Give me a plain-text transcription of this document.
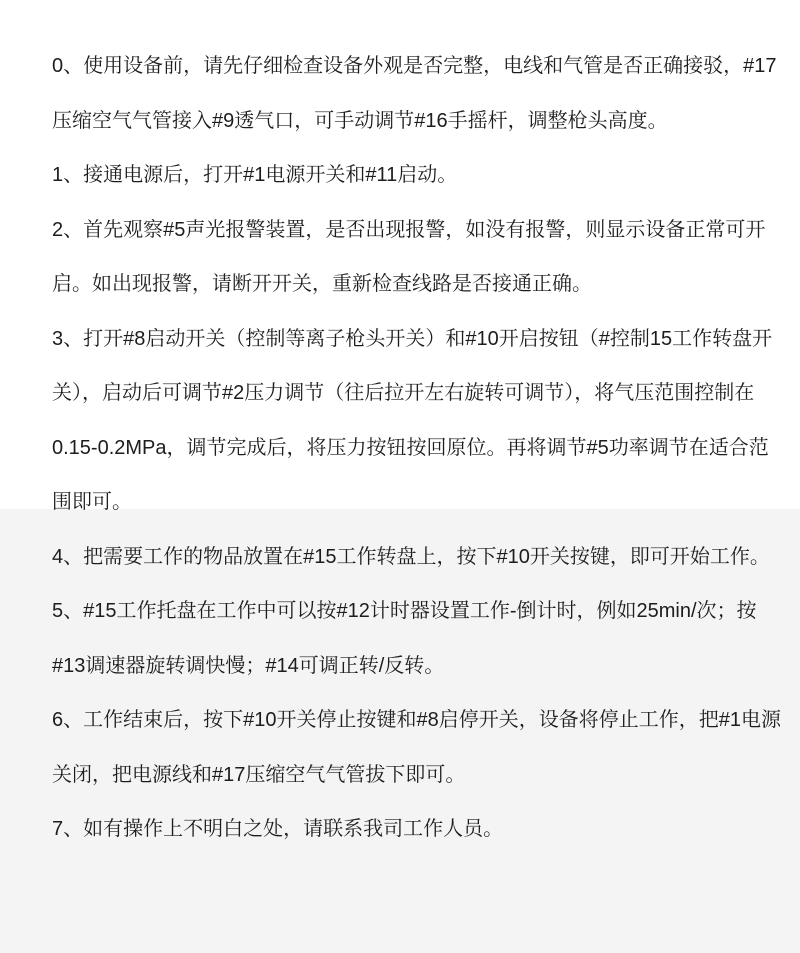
0、使用设备前，请先仔细检查设备外观是否完整，电线和气管是否正确接驳，#17
压缩空气气管接入#9透气口，可手动调节#16手摇杆，调整枪头高度。
1、接通电源后，打开#1电源开关和#11启动。
2、首先观察#5声光报警装置，是否出现报警，如没有报警，则显示设备正常可开
启。如出现报警，请断开开关，重新检查线路是否接通正确。
3、打开#8启动开关（控制等离子枪头开关）和#10开启按钮（#控制15工作转盘开
关），启动后可调节#2压力调节（往后拉开左右旋转可调节），将气压范围控制在
0.15-0.2MPa，调节完成后，将压力按钮按回原位。再将调节#5功率调节在适合范
围即可。
4、把需要工作的物品放置在#15工作转盘上，按下#10开关按键，即可开始工作。
5、#15工作托盘在工作中可以按#12计时器设置工作-倒计时，例如25min/次；按
#13调速器旋转调快慢；#14可调正转/反转。
6、工作结束后，按下#10开关停止按键和#8启停开关，设备将停止工作，把#1电源
关闭，把电源线和#17压缩空气气管拔下即可。
7、如有操作上不明白之处，请联系我司工作人员。
